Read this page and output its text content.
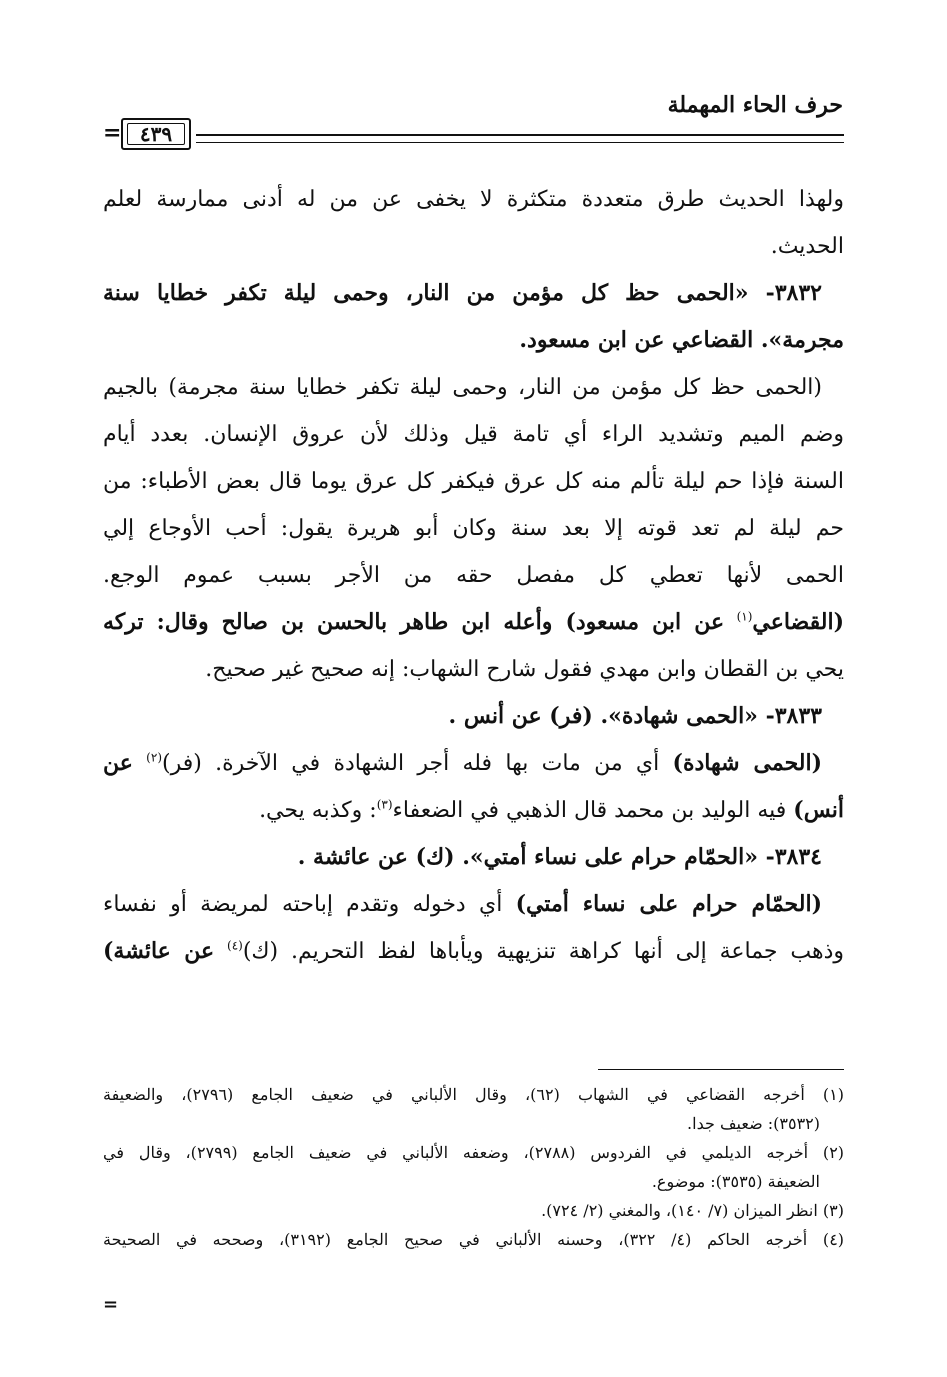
حرف الحاء المهملة
٤٣٩
=
ولهذا الحديث طرق متعددة متكثرة لا يخفى عن من له أدنى ممارسة لعلم
الحديث.
٣٨٣٢- «الحمى حظ كل مؤمن من النار، وحمى ليلة تكفر خطايا سنة
مجرمة». القضاعي عن ابن مسعود.
(الحمى حظ كل مؤمن من النار، وحمى ليلة تكفر خطايا سنة مجرمة) بالجيم
وضم الميم وتشديد الراء أي تامة قيل وذلك لأن عروق الإنسان. بعدد أيام
السنة فإذا حم ليلة تألم منه كل عرق فيكفر كل عرق يوما قال بعض الأطباء: من
حم ليلة لم تعد قوته إلا بعد سنة وكان أبو هريرة يقول: أحب الأوجاع إلي
الحمى لأنها تعطي كل مفصل حقه من الأجر بسبب عموم الوجع.
(القضاعي$^{(١)}$ عن ابن مسعود) وأعله ابن طاهر بالحسن بن صالح وقال: تركه
يحي بن القطان وابن مهدي فقول شارح الشهاب: إنه صحيح غير صحيح.
٣٨٣٣- «الحمى شهادة». (فر) عن أنس .
(الحمى شهادة) أي من مات بها فله أجر الشهادة في الآخرة. (فر)$^{(٢)}$ عن
أنس) فيه الوليد بن محمد قال الذهبي في الضعفاء$^{(٣)}$: وكذبه يحي.
٣٨٣٤- «الحمّام حرام على نساء أمتي». (ك) عن عائشة .
(الحمّام حرام على نساء أمتي) أي دخوله وتقدم إباحته لمريضة أو نفساء
وذهب جماعة إلى أنها كراهة تنزيهية ويأباها لفظ التحريم. (ك)$^{(٤)}$ عن عائشة)
(١) أخرجه القضاعي في الشهاب (٦٢)، وقال الألباني في ضعيف الجامع (٢٧٩٦)، والضعيفة
(٣٥٣٢): ضعيف جدا.
(٢) أخرجه الديلمي في الفردوس (٢٧٨٨)، وضعفه الألباني في ضعيف الجامع (٢٧٩٩)، وقال في
الضعيفة (٣٥٣٥): موضوع.
(٣) انظر الميزان (٧/ ١٤٠)، والمغني (٢/ ٧٢٤).
(٤) أخرجه الحاكم (٤/ ٣٢٢)، وحسنه الألباني في صحيح الجامع (٣١٩٢)، وصححه في الصحيحة
=
